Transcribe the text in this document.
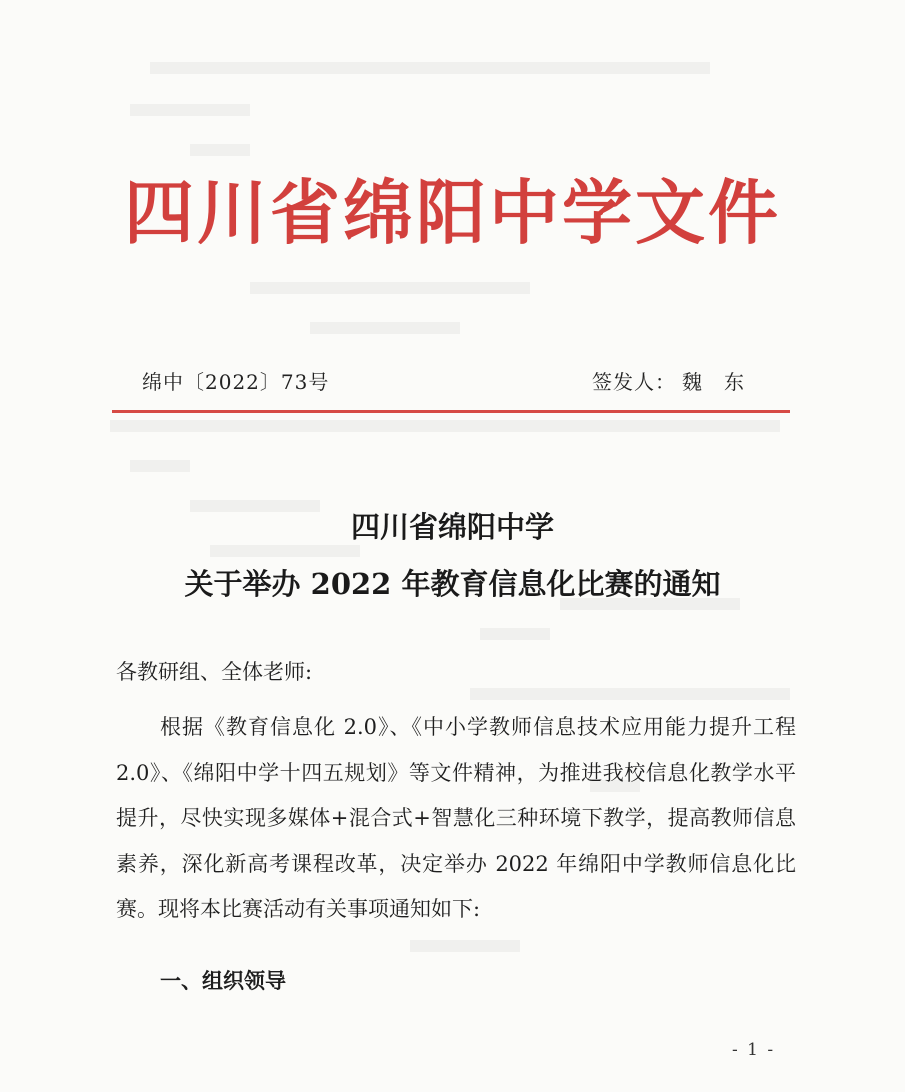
四川省绵阳中学文件
绵中〔2022〕73号	签发人： 魏东
四川省绵阳中学
关于举办 2022 年教育信息化比赛的通知
各教研组、全体老师:

根据《教育信息化 2.0》、《中小学教师信息技术应用能力提升工程 2.0》、《绵阳中学十四五规划》等文件精神，为推进我校信息化教学水平提升，尽快实现多媒体+混合式+智慧化三种环境下教学，提高教师信息素养，深化新高考课程改革，决定举办 2022 年绵阳中学教师信息化比赛。现将本比赛活动有关事项通知如下:

一、组织领导
- 1 -
